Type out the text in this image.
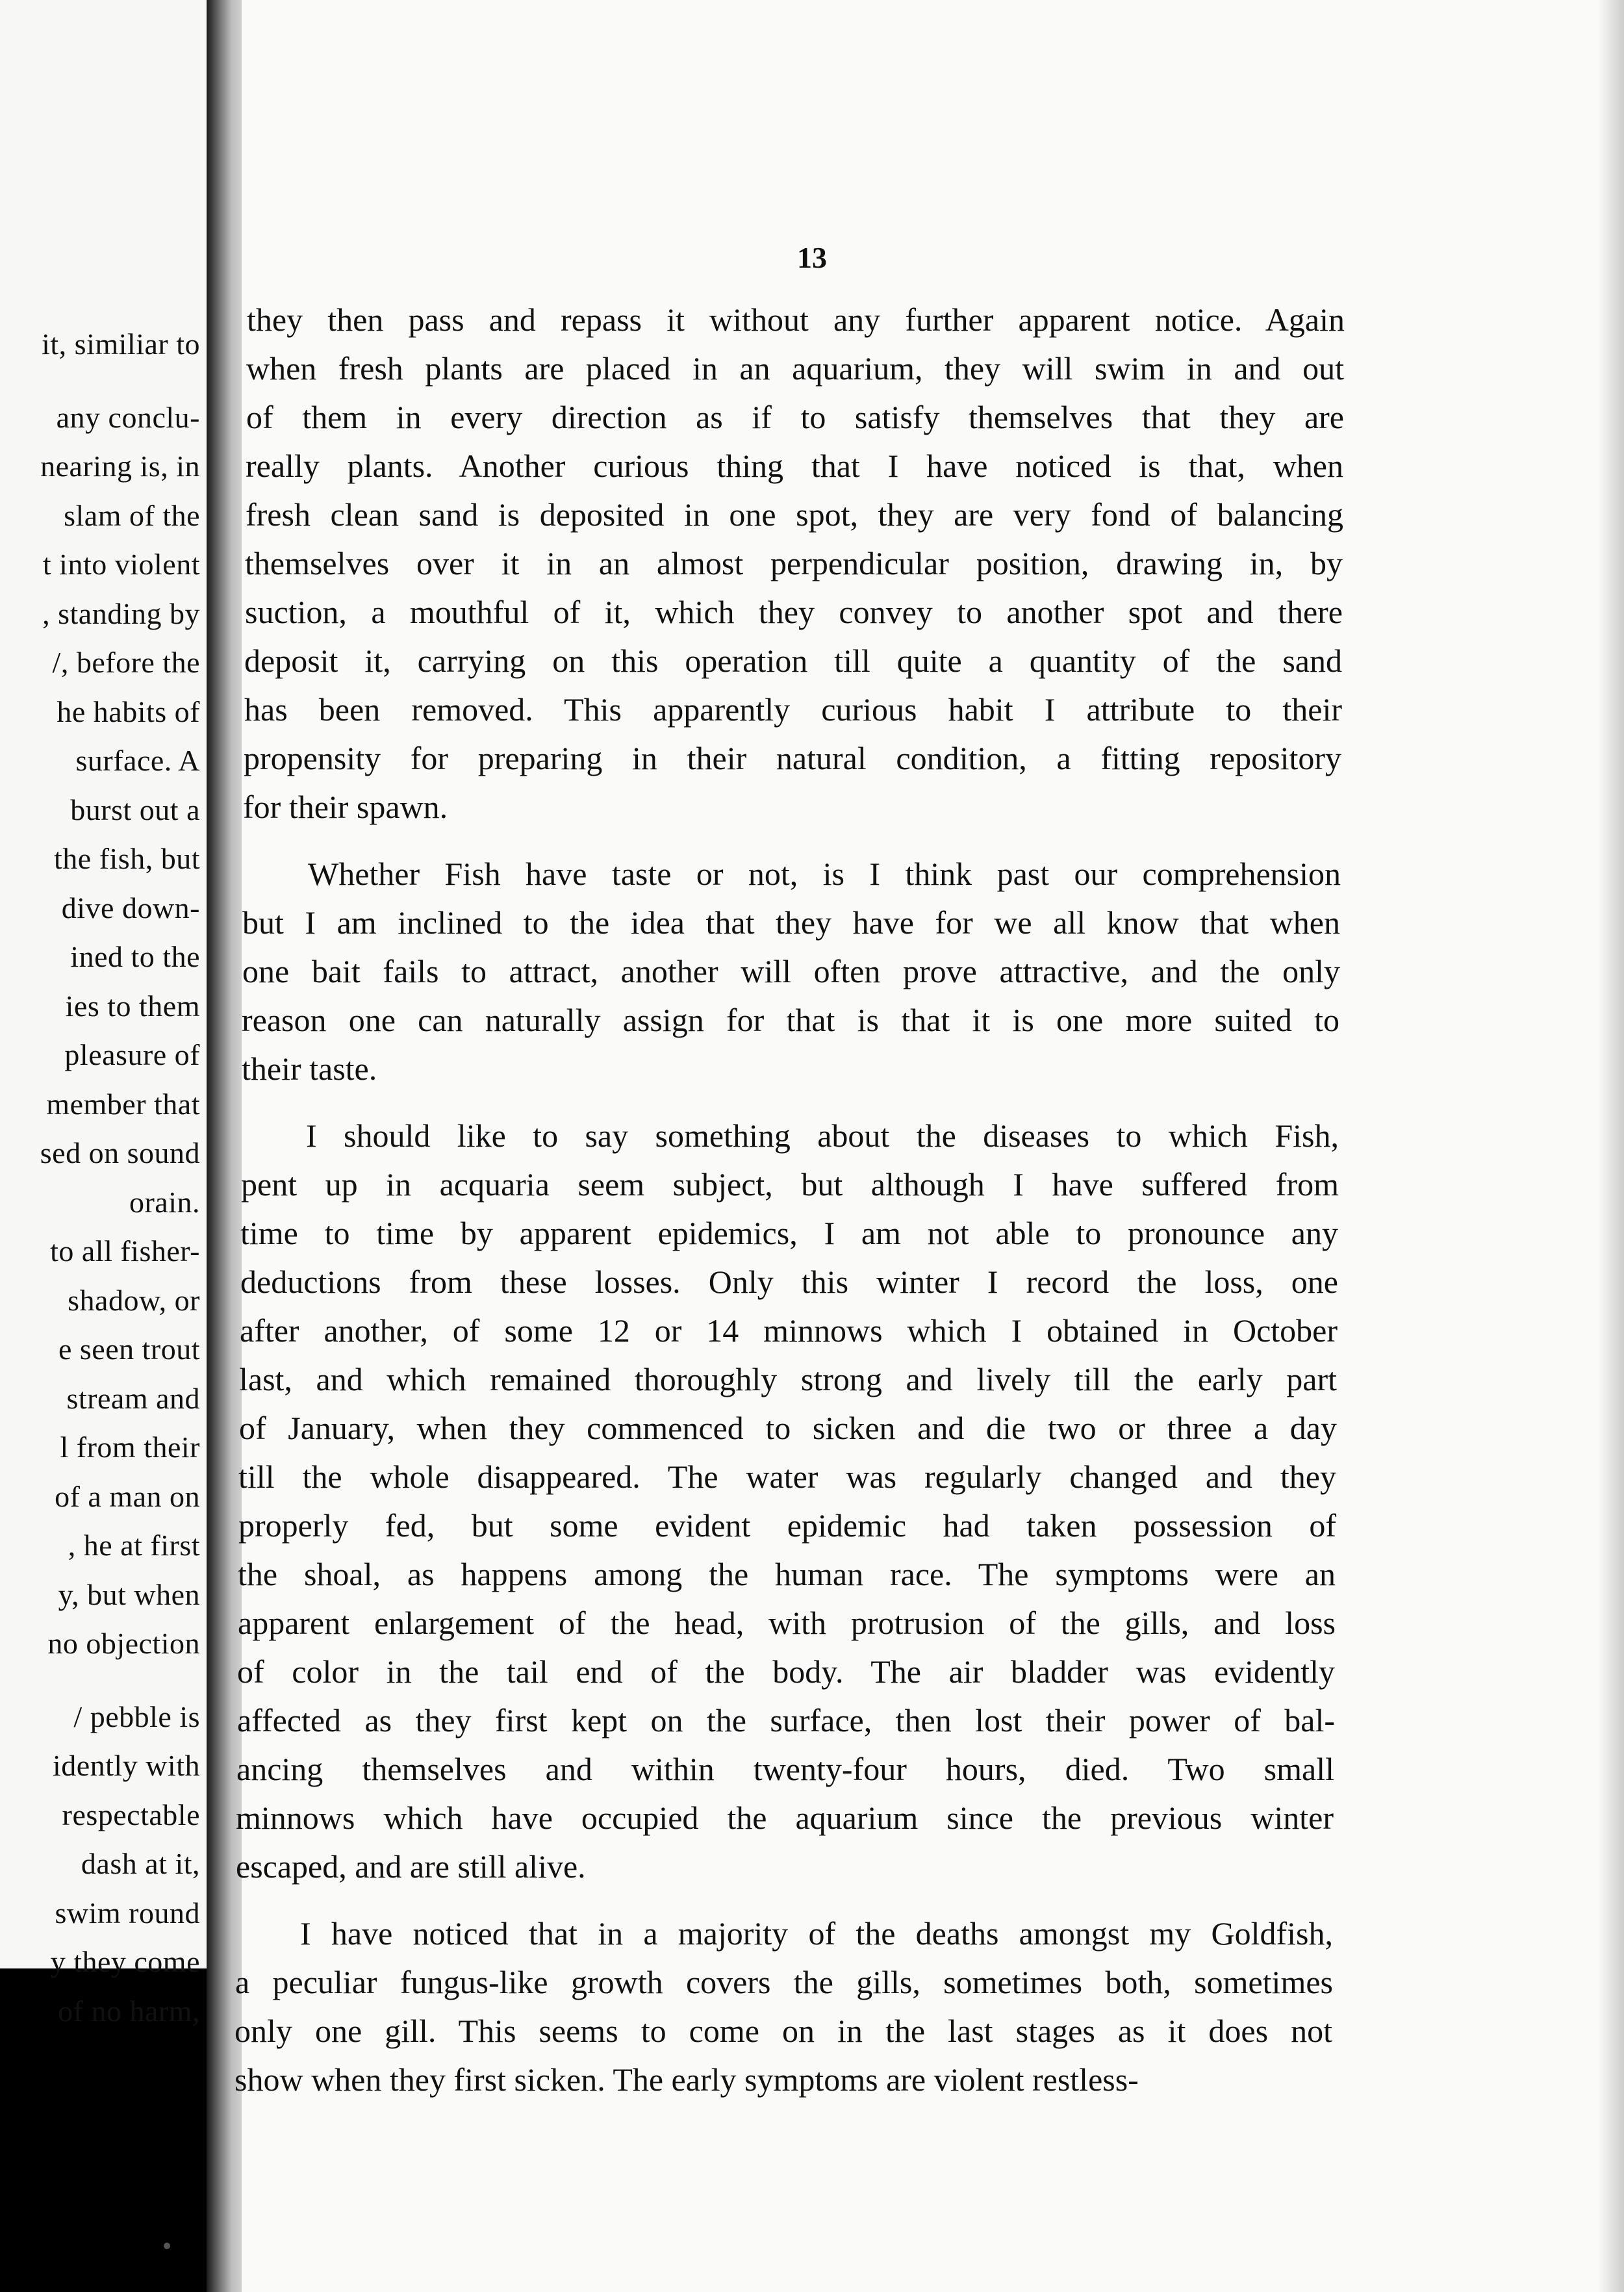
it, similiar to
any conclu-
nearing is, in
slam of the
t into violent
, standing by
/, before the
he habits of
surface. A
burst out a
the fish, but
dive down-
ined to the
ies to them
pleasure of
member that
sed on sound
orain.
to all fisher-
shadow, or
e seen trout
stream and
l from their
of a man on
, he at first
y, but when
no objection
/ pebble is
idently with
respectable
dash at it,
swim round
y they come
of no harm,
13
they then pass and repass it without any further apparent notice. Again
when fresh plants are placed in an aquarium, they will swim in and out
of them in every direction as if to satisfy themselves that they are
really plants. Another curious thing that I have noticed is that, when
fresh clean sand is deposited in one spot, they are very fond of balancing
themselves over it in an almost perpendicular position, drawing in, by
suction, a mouthful of it, which they convey to another spot and there
deposit it, carrying on this operation till quite a quantity of the sand
has been removed. This apparently curious habit I attribute to their
propensity for preparing in their natural condition, a fitting repository
for their spawn.
Whether Fish have taste or not, is I think past our comprehension
but I am inclined to the idea that they have for we all know that when
one bait fails to attract, another will often prove attractive, and the only
reason one can naturally assign for that is that it is one more suited to
their taste.
I should like to say something about the diseases to which Fish,
pent up in acquaria seem subject, but although I have suffered from
time to time by apparent epidemics, I am not able to pronounce any
deductions from these losses. Only this winter I record the loss, one
after another, of some 12 or 14 minnows which I obtained in October
last, and which remained thoroughly strong and lively till the early part
of January, when they commenced to sicken and die two or three a day
till the whole disappeared. The water was regularly changed and they
properly fed, but some evident epidemic had taken possession of
the shoal, as happens among the human race. The symptoms were an
apparent enlargement of the head, with protrusion of the gills, and loss
of color in the tail end of the body. The air bladder was evidently
affected as they first kept on the surface, then lost their power of bal-
ancing themselves and within twenty-four hours, died. Two small
minnows which have occupied the aquarium since the previous winter
escaped, and are still alive.
I have noticed that in a majority of the deaths amongst my Goldfish,
a peculiar fungus-like growth covers the gills, sometimes both, sometimes
only one gill. This seems to come on in the last stages as it does not
show when they first sicken. The early symptoms are violent restless-
